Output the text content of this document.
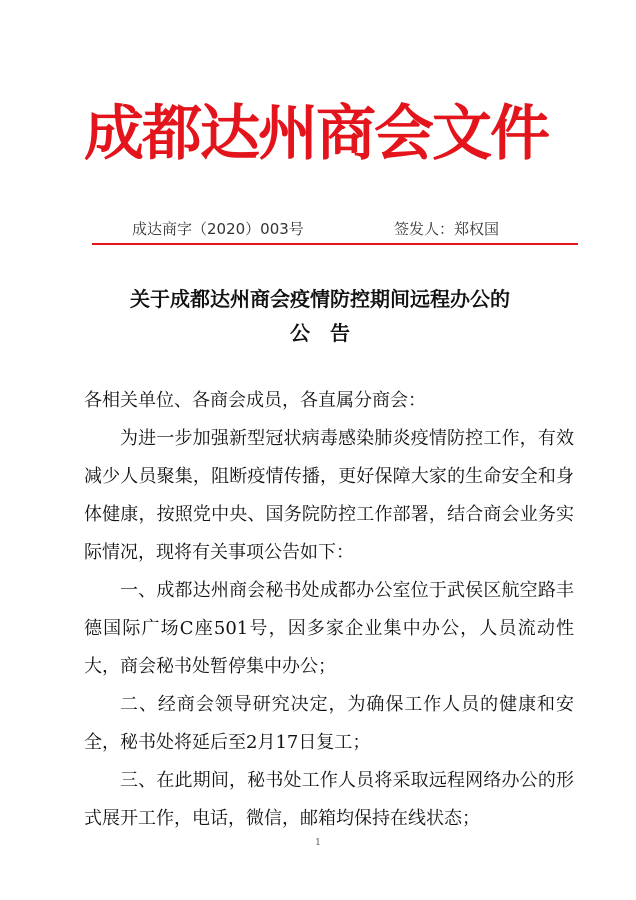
成都达州商会文件
成达商字（2020）003号	签发人：郑权国
关于成都达州商会疫情防控期间远程办公的
公告

各相关单位、各商会成员，各直属分商会：

为进一步加强新型冠状病毒感染肺炎疫情防控工作，有效减少人员聚集，阻断疫情传播，更好保障大家的生命安全和身体健康，按照党中央、国务院防控工作部署，结合商会业务实际情况，现将有关事项公告如下：

一、成都达州商会秘书处成都办公室位于武侯区航空路丰德国际广场C座501号，因多家企业集中办公，人员流动性大，商会秘书处暂停集中办公；

二、经商会领导研究决定，为确保工作人员的健康和安全，秘书处将延后至2月17日复工；

三、在此期间，秘书处工作人员将采取远程网络办公的形式展开工作，电话，微信，邮箱均保持在线状态；

1
